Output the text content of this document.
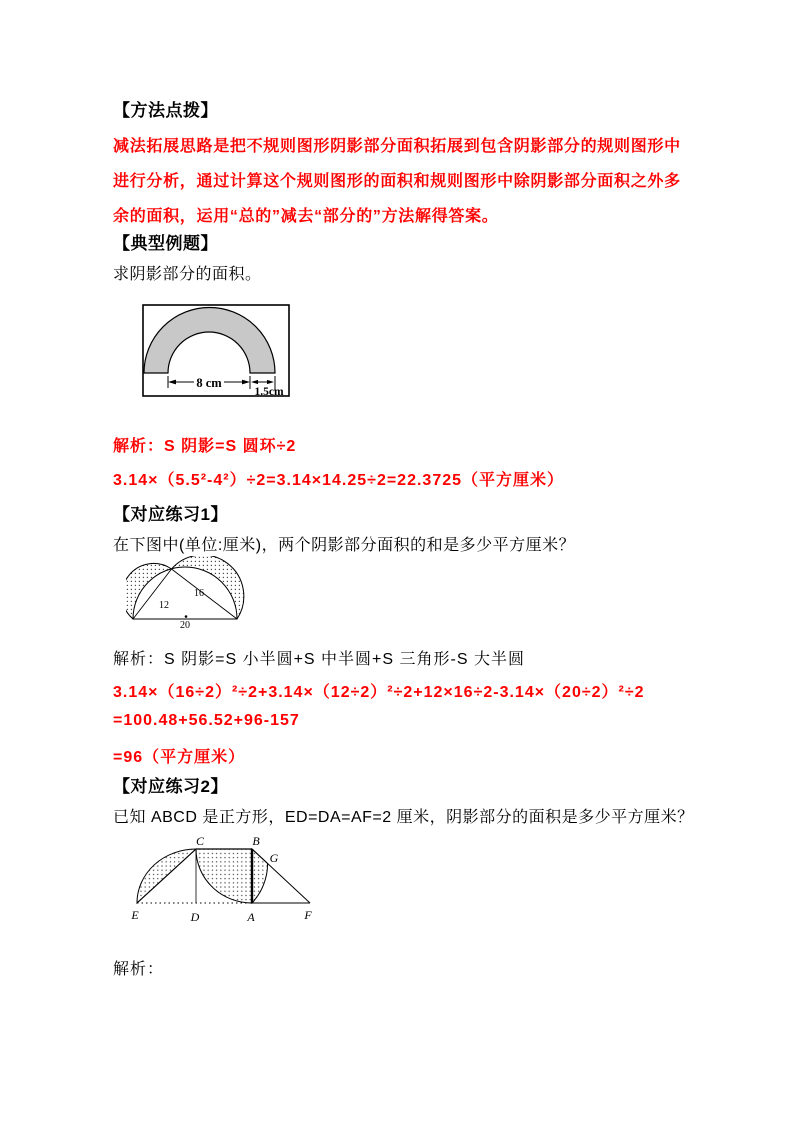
【方法点拨】
减法拓展思路是把不规则图形阴影部分面积拓展到包含阴影部分的规则图形中
进行分析，通过计算这个规则图形的面积和规则图形中除阴影部分面积之外多
余的面积，运用“总的”减去“部分的”方法解得答案。
【典型例题】
求阴影部分的面积。
8 cm
1.5cm
解析：S 阴影=S 圆环÷2
3.14×（5.5²-4²）÷2=3.14×14.25÷2=22.3725（平方厘米）
【对应练习1】
在下图中(单位:厘米)，两个阴影部分面积的和是多少平方厘米？
12
16
20
解析：S 阴影=S 小半圆+S 中半圆+S 三角形-S 大半圆
3.14×（16÷2）²÷2+3.14×（12÷2）²÷2+12×16÷2-3.14×（20÷2）²÷2
=100.48+56.52+96-157
=96（平方厘米）
【对应练习2】
已知 ABCD 是正方形，ED=DA=AF=2 厘米，阴影部分的面积是多少平方厘米？
C	B
G
E	D	A	F
解析：
